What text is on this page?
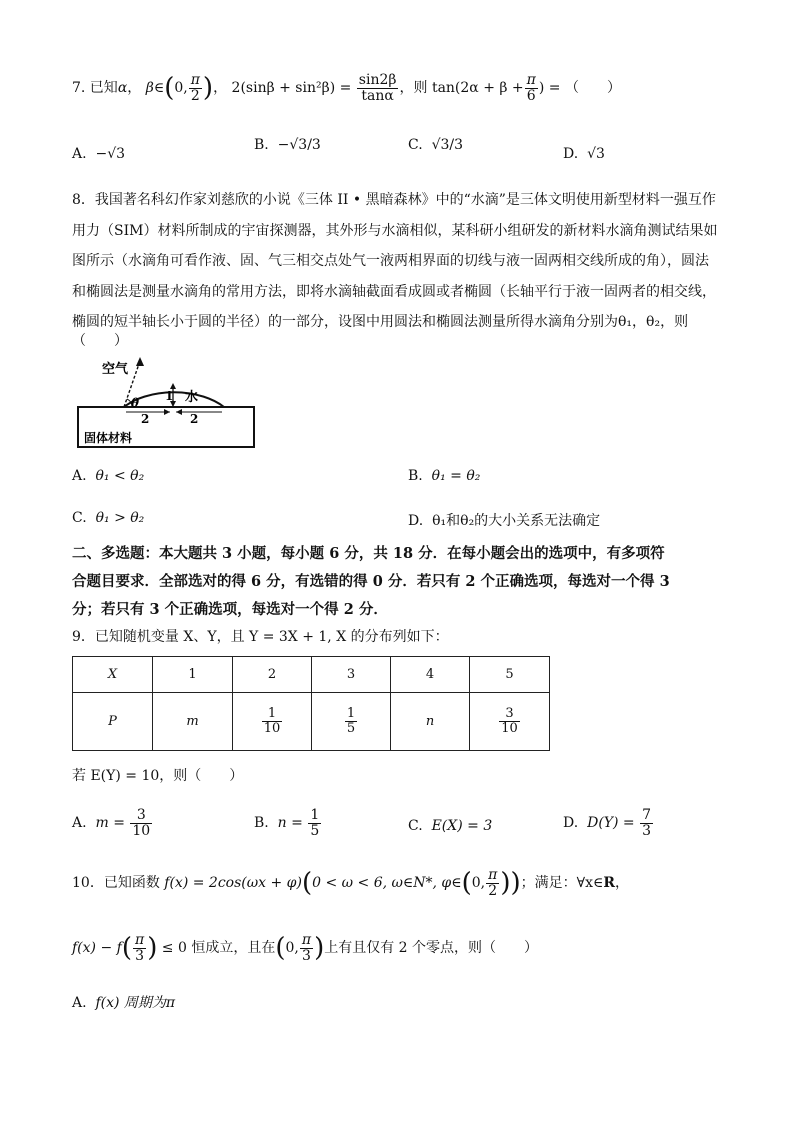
7. 已知α， β∈(0, $\frac{\pi}{2}$ )， $2(\sin\beta + \sin^2\beta) = \frac{\sin 2\beta}{\tan\alpha}$ ，则 $\tan(2\alpha + \beta + \frac{\pi}{6}$ ) = （　　）
A. −√3
B. −√3/3	C. √3/3
D. √3
8．我国著名科幻作家刘慈欣的小说《三体 II • 黑暗森林》中的“水滴”是三体文明使用新型材料一强互作
用力（SIM）材料所制成的宇宙探测器，其外形与水滴相似，某科研小组研发的新材料水滴角测试结果如
图所示（水滴角可看作液、固、气三相交点处气一液两相界面的切线与液一固两相交线所成的角），圆法
和椭圆法是测量水滴角的常用方法，即将水滴轴截面看成圆或者椭圆（长轴平行于液一固两者的相交线，
椭圆的短半轴长小于圆的半径）的一部分，设图中用圆法和椭圆法测量所得水滴角分别为θ₁，θ₂，则
（　　）
空气
θ 1 水
2	2
固体材料
A. θ₁ < θ₂	B. θ₁ = θ₂
C. θ₁ > θ₂	D. θ₁和θ₂的大小关系无法确定
二、多选题：本大题共 3 小题，每小题 6 分，共 18 分．在每小题会出的选项中，有多项符
合题目要求．全部选对的得 6 分，有选错的得 0 分．若只有 2 个正确选项，每选对一个得 3
分；若只有 3 个正确选项，每选对一个得 2 分．
9．已知随机变量 X、Y，且 Y = 3X + 1, X 的分布列如下：
X	1	2	3	4	5
P	m	$\frac{1}{10}$	$\frac{1}{5}$	n	$\frac{3}{10}$
若 E(Y) = 10，则（　　）
A. $m = \frac{3}{10}$	B. $n = \frac{1}{5}$	C. E(X) = 3	D. $D(Y) = \frac{7}{3}$
10．已知函数 f(x) = 2cos(ωx + φ)(0 < ω < 6, ω∈N*, φ∈(0, $\frac{\pi}{2}$ ))；满足：∀x∈R，
$f(x) - f( \frac{\pi}{3}$ ) ≤ 0 恒成立，且在(0, $\frac{\pi}{3}$ )上有且仅有 2 个零点，则（　　）
A. f(x) 周期为π
